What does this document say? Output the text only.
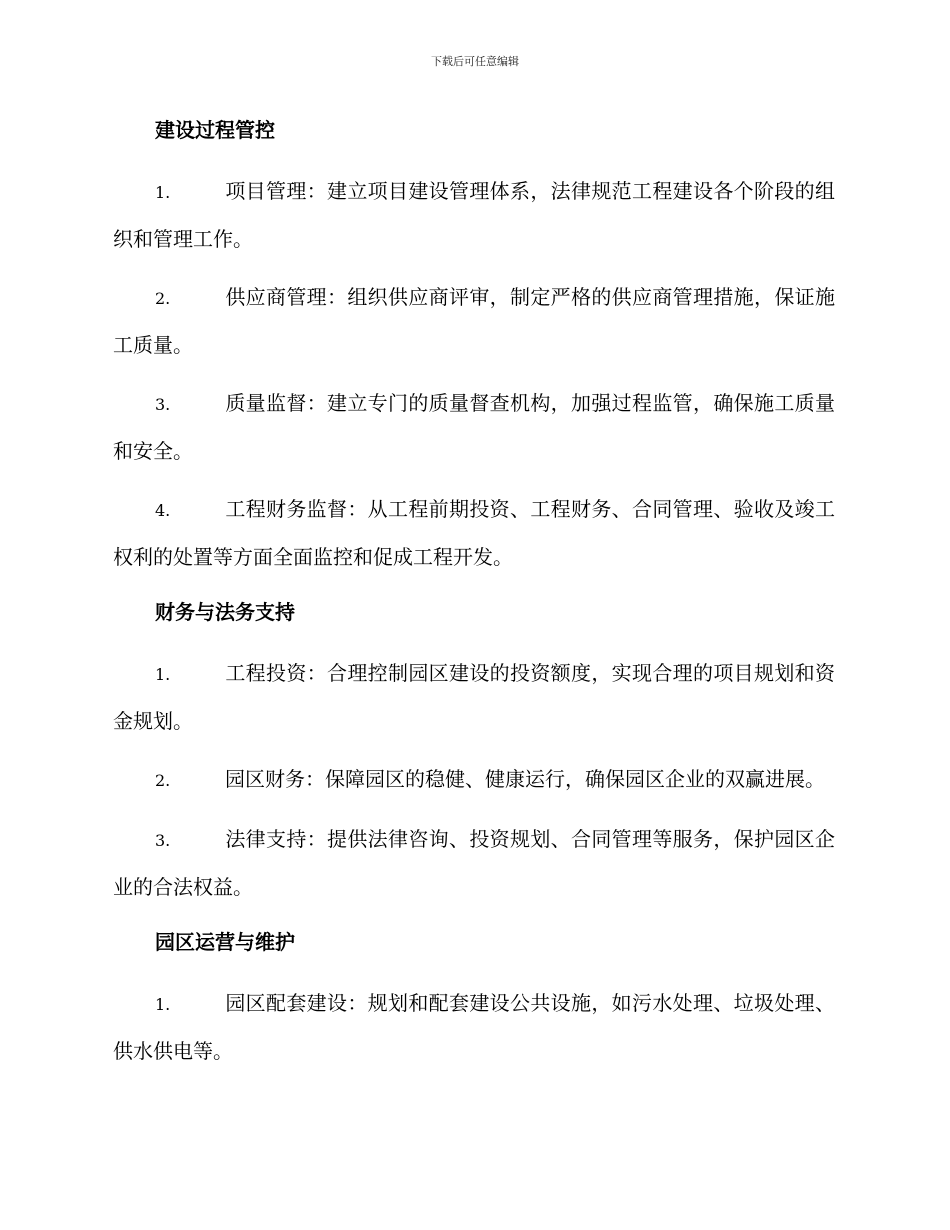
下载后可任意编辑
建设过程管控

1.	项目管理：建立项目建设管理体系，法律规范工程建设各个阶段的组织和管理工作。

2.	供应商管理：组织供应商评审，制定严格的供应商管理措施，保证施工质量。

3.	质量监督：建立专门的质量督查机构，加强过程监管，确保施工质量和安全。

4.	工程财务监督：从工程前期投资、工程财务、合同管理、验收及竣工权利的处置等方面全面监控和促成工程开发。

财务与法务支持

1.	工程投资：合理控制园区建设的投资额度，实现合理的项目规划和资金规划。

2.	园区财务：保障园区的稳健、健康运行，确保园区企业的双赢进展。

3.	法律支持：提供法律咨询、投资规划、合同管理等服务，保护园区企业的合法权益。

园区运营与维护

1.	园区配套建设：规划和配套建设公共设施，如污水处理、垃圾处理、供水供电等。
